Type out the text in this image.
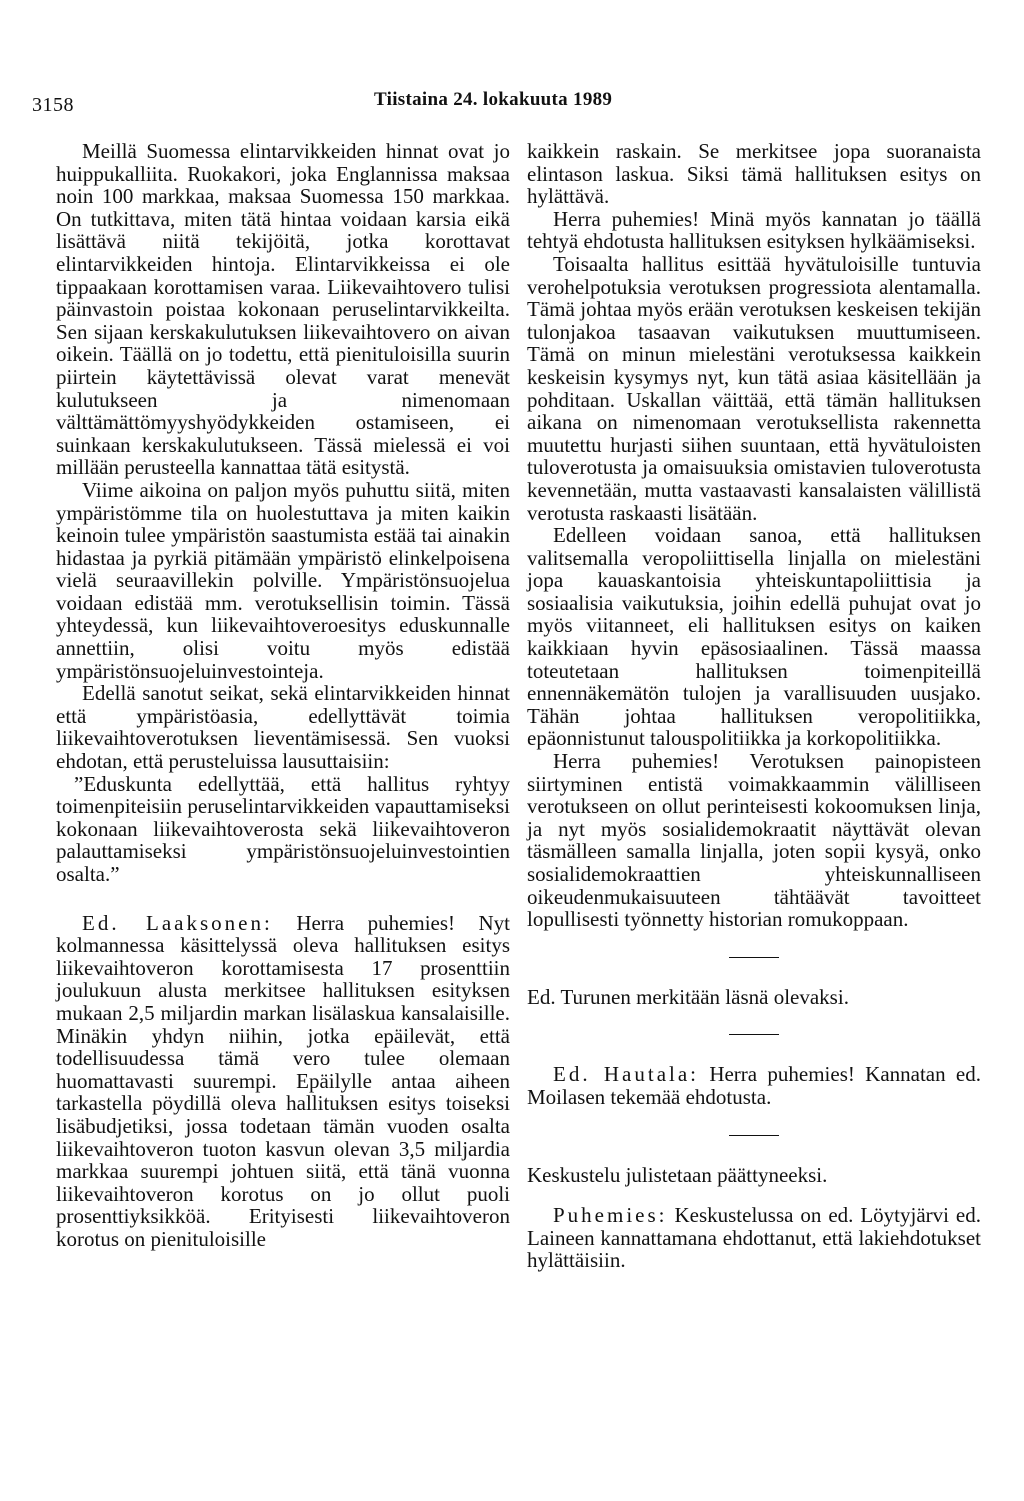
3158	Tiistaina 24. lokakuuta 1989

Meillä Suomessa elintarvikkeiden hinnat ovat jo huippukalliita. Ruokakori, joka Englannissa maksaa noin 100 markkaa, maksaa Suomessa 150 markkaa. On tutkittava, miten tätä hintaa voidaan karsia eikä lisättävä niitä tekijöitä, jotka korottavat elintarvikkeiden hintoja. Elintarvikkeissa ei ole tippaakaan korottamisen varaa. Liikevaihtovero tulisi päinvastoin poistaa kokonaan peruselintarvikkeilta. Sen sijaan kerskakulutuksen liikevaihtovero on aivan oikein. Täällä on jo todettu, että pienituloisilla suurin piirtein käytettävissä olevat varat menevät kulutukseen ja nimenomaan välttämättömyyshyödykkeiden ostamiseen, ei suinkaan kerskakulutukseen. Tässä mielessä ei voi millään perusteella kannattaa tätä esitystä.

Viime aikoina on paljon myös puhuttu siitä, miten ympäristömme tila on huolestuttava ja miten kaikin keinoin tulee ympäristön saastumista estää tai ainakin hidastaa ja pyrkiä pitämään ympäristö elinkelpoisena vielä seuraavillekin polville. Ympäristönsuojelua voidaan edistää mm. verotuksellisin toimin. Tässä yhteydessä, kun liikevaihtoveroesitys eduskunnalle annettiin, olisi voitu myös edistää ympäristönsuojeluinvestointeja.

Edellä sanotut seikat, sekä elintarvikkeiden hinnat että ympäristöasia, edellyttävät toimia liikevaihtoverotuksen lieventämisessä. Sen vuoksi ehdotan, että perusteluissa lausuttaisiin:

”Eduskunta edellyttää, että hallitus ryhtyy toimenpiteisiin peruselintarvikkeiden vapauttamiseksi kokonaan liikevaihtoverosta sekä liikevaihtoveron palauttamiseksi ympäristönsuojeluinvestointien osalta.”

Ed. Laaksonen: Herra puhemies! Nyt kolmannessa käsittelyssä oleva hallituksen esitys liikevaihtoveron korottamisesta 17 prosenttiin joulukuun alusta merkitsee hallituksen esityksen mukaan 2,5 miljardin markan lisälaskua kansalaisille. Minäkin yhdyn niihin, jotka epäilevät, että todellisuudessa tämä vero tulee olemaan huomattavasti suurempi. Epäilylle antaa aiheen tarkastella pöydillä oleva hallituksen esitys toiseksi lisäbudjetiksi, jossa todetaan tämän vuoden osalta liikevaihtoveron tuoton kasvun olevan 3,5 miljardia markkaa suurempi johtuen siitä, että tänä vuonna liikevaihtoveron korotus on jo ollut puoli prosenttiyksikköä. Erityisesti liikevaihtoveron korotus on pienituloisille

kaikkein raskain. Se merkitsee jopa suoranaista elintason laskua. Siksi tämä hallituksen esitys on hylättävä.

Herra puhemies! Minä myös kannatan jo täällä tehtyä ehdotusta hallituksen esityksen hylkäämiseksi.

Toisaalta hallitus esittää hyvätuloisille tuntuvia verohelpotuksia verotuksen progressiota alentamalla. Tämä johtaa myös erään verotuksen keskeisen tekijän tulonjakoa tasaavan vaikutuksen muuttumiseen. Tämä on minun mielestäni verotuksessa kaikkein keskeisin kysymys nyt, kun tätä asiaa käsitellään ja pohditaan. Uskallan väittää, että tämän hallituksen aikana on nimenomaan verotuksellista rakennetta muutettu hurjasti siihen suuntaan, että hyvätuloisten tuloverotusta ja omaisuuksia omistavien tuloverotusta kevennetään, mutta vastaavasti kansalaisten välillistä verotusta raskaasti lisätään.

Edelleen voidaan sanoa, että hallituksen valitsemalla veropoliittisella linjalla on mielestäni jopa kauaskantoisia yhteiskuntapoliittisia ja sosiaalisia vaikutuksia, joihin edellä puhujat ovat jo myös viitanneet, eli hallituksen esitys on kaiken kaikkiaan hyvin epäsosiaalinen. Tässä maassa toteutetaan hallituksen toimenpiteillä ennennäkemätön tulojen ja varallisuuden uusjako. Tähän johtaa hallituksen veropolitiikka, epäonnistunut talouspolitiikka ja korkopolitiikka.

Herra puhemies! Verotuksen painopisteen siirtyminen entistä voimakkaammin välilliseen verotukseen on ollut perinteisesti kokoomuksen linja, ja nyt myös sosialidemokraatit näyttävät olevan täsmälleen samalla linjalla, joten sopii kysyä, onko sosialidemokraattien yhteiskunnalliseen oikeudenmukaisuuteen tähtäävät tavoitteet lopullisesti työnnetty historian romukoppaan.

Ed. Turunen merkitään läsnä olevaksi.

Ed. Hautala: Herra puhemies! Kannatan ed. Moilasen tekemää ehdotusta.

Keskustelu julistetaan päättyneeksi.

Puhemies: Keskustelussa on ed. Löytyjärvi ed. Laineen kannattamana ehdottanut, että lakiehdotukset hylättäisiin.
